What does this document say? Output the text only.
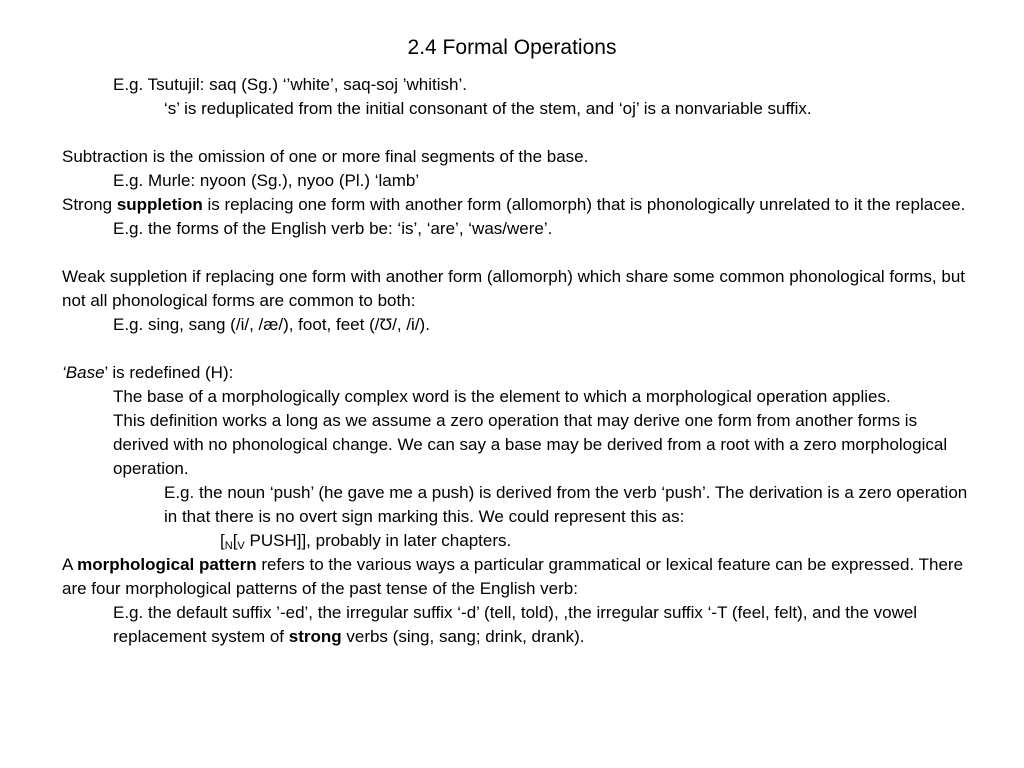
2.4 Formal Operations

E.g. Tsutujil: saq (Sg.) ‘’white’, saq-soj ’whitish’.

‘s’ is reduplicated from the initial consonant of the stem, and ‘oj’ is a nonvariable suffix.

Subtraction is the omission of one or more final segments of the base.

E.g. Murle: nyoon (Sg.), nyoo (Pl.) ‘lamb’

Strong suppletion is replacing one form with another form (allomorph) that is phonologically unrelated to it the replacee.

E.g. the forms of the English verb be: ‘is’, ‘are’, ‘was/were’.

Weak suppletion if replacing one form with another form (allomorph) which share some common phonological forms, but not all phonological forms are common to both:

E.g. sing, sang (/i/, /æ/), foot, feet (/Ʊ/, /i/).

‘Base’ is redefined (H):

The base of a morphologically complex word is the element to which a morphological operation applies.

This definition works a long as we assume a zero operation that may derive one form from another forms is derived with no phonological change. We can say a base may be derived from a root with a zero morphological operation.

E.g. the noun ‘push’ (he gave me a push) is derived from the verb ‘push’. The derivation is a zero operation in that there is no overt sign marking this. We could represent this as:

[$_N[_V$ PUSH]], probably in later chapters.

A morphological pattern refers to the various ways a particular grammatical or lexical feature can be expressed. There are four morphological patterns of the past tense of the English verb:

E.g. the default suffix ’-ed’, the irregular suffix ‘-d’ (tell, told), ,the irregular suffix ‘-T (feel, felt), and the vowel replacement system of strong verbs (sing, sang; drink, drank).
